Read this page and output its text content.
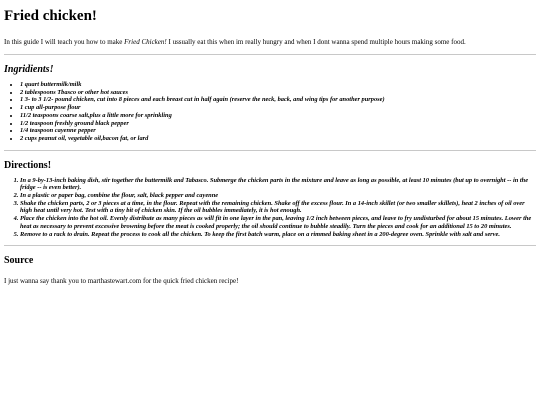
Fried chicken!

In this guide I will teach you how to make Fried Chicken! I ussually eat this when im really hungry and when I dont wanna spend multiple hours making some food.

Ingridients!
• 1 quart buttermilk/milk
• 2 tablespoons Tbasco or other hot sauces
• 1 3- to 3 1/2- pound chicken, cut into 8 pieces and each breast cut in half again (reserve the neck, back, and wing tips for another purpose)
• 1 cup all-purpose flour
• 11/2 teaspoons coarse salt,plus a little more for sprinkling
• 1/2 teaspoon freshly ground black pepper
• 1/4 teaspoon cayenne pepper
• 2 cups peanut oil, vegetable oil,bacon fat, or lard
Directions!
1. In a 9-by-13-inch baking dish, stir together the buttermilk and Tabasco. Submerge the chicken parts in the mixture and leave as long as possible, at least 10 minutes (but up to overnight -- in the fridge -- is even better).
2. In a plastic or paper bag, combine the flour, salt, black pepper and cayenne
3. Shake the chicken parts, 2 or 3 pieces at a time, in the flour. Repeat with the remaining chicken. Shake off the excess flour. In a 14-inch skillet (or two smaller skillets), heat 2 inches of oil over high heat until very hot. Test with a tiny bit of chicken skin. If the oil bubbles immediately, it is hot enough.
4. Place the chicken into the hot oil. Evenly distribute as many pieces as will fit in one layer in the pan, leaving 1/2 inch between pieces, and leave to fry undisturbed for about 15 minutes. Lower the heat as necessary to prevent excessive browning before the meat is cooked properly; the oil should continue to bubble steadily. Turn the pieces and cook for an additional 15 to 20 minutes.
5. Remove to a rack to drain. Repeat the process to cook all the chicken. To keep the first batch warm, place on a rimmed baking sheet in a 200-degree oven. Sprinkle with salt and serve.
Source

I just wanna say thank you to marthastewart.com for the quick fried chicken recipe!
